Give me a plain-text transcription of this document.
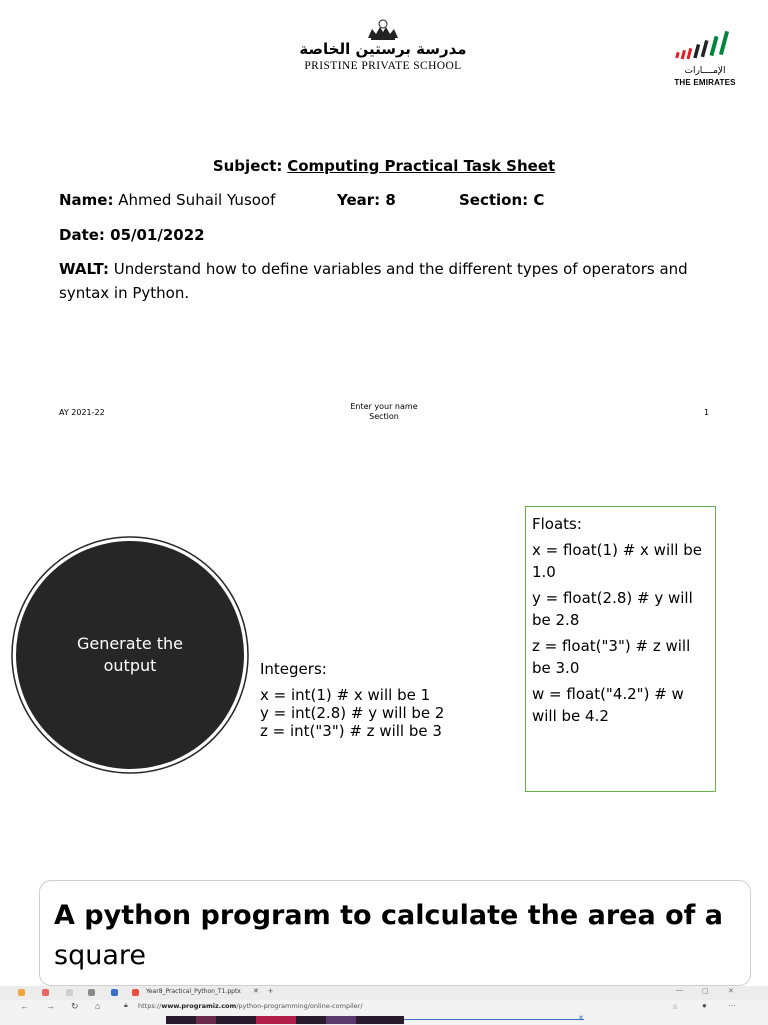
مدرسة برستين الخاصة
PRISTINE PRIVATE SCHOOL	الإمــــارات
THE EMIRATES
Subject: Computing Practical Task Sheet
Name: Ahmed Suhail Yusoof	Year: 8	Section: C
Date: 05/01/2022
WALT: Understand how to define variables and the different types of operators and syntax in Python.
AY 2021-22
Enter your name
Section	1
Generate the
output	Integers:
x = int(1) # x will be 1
y = int(2.8) # y will be 2
z = int("3") # z will be 3
Floats:
x = float(1) # x will be 1.0
y = float(2.8) # y will be 2.8
z = float("3") # z will be 3.0
w = float("4.2") # w will be 4.2
A python program to calculate the area of a
square
Year8_Practical_Python_T1.pptx ✕ +	—	▢	✕
← → ↻ ⌂	🔒︎ https://www.programiz.com/python-programming/online-compiler/	☆	●	···
✕
